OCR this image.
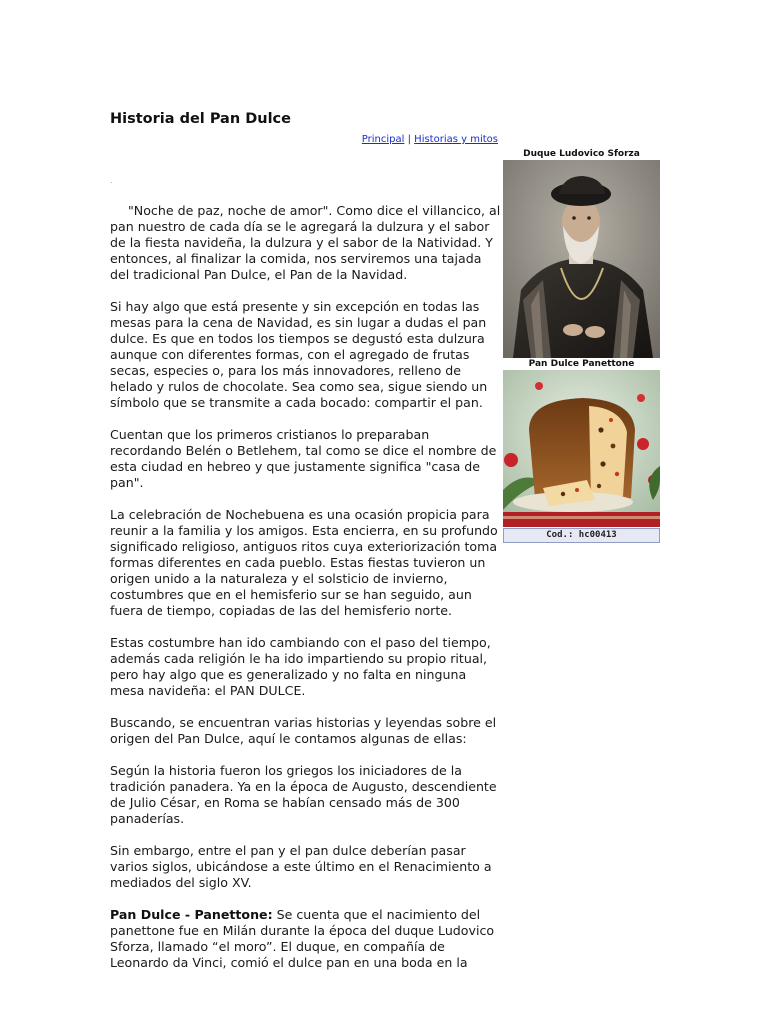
Historia del Pan Dulce
Principal | Historias y mitos
.

"Noche de paz, noche de amor". Como dice el villancico, al pan nuestro de cada día se le agregará la dulzura y el sabor de la fiesta navideña, la dulzura y el sabor de la Natividad. Y entonces, al finalizar la comida, nos serviremos una tajada del tradicional Pan Dulce, el Pan de la Navidad.

Si hay algo que está presente y sin excepción en todas las mesas para la cena de Navidad, es sin lugar a dudas el pan dulce. Es que en todos los tiempos se degustó esta dulzura aunque con diferentes formas, con el agregado de frutas secas, especies o, para los más innovadores, relleno de helado y rulos de chocolate. Sea como sea, sigue siendo un símbolo que se transmite a cada bocado: compartir el pan.

Cuentan que los primeros cristianos lo preparaban recordando Belén o Betlehem, tal como se dice el nombre de esta ciudad en hebreo y que justamente significa "casa de pan".

La celebración de Nochebuena es una ocasión propicia para reunir a la familia y los amigos. Esta encierra, en su profundo significado religioso, antiguos ritos cuya exteriorización toma formas diferentes en cada pueblo. Estas fiestas tuvieron un origen unido a la naturaleza y el solsticio de invierno, costumbres que en el hemisferio sur se han seguido, aun fuera de tiempo, copiadas de las del hemisferio norte.

Estas costumbre han ido cambiando con el paso del tiempo, además cada religión le ha ido impartiendo su propio ritual, pero hay algo que es generalizado y no falta en ninguna mesa navideña: el PAN DULCE.

Buscando, se encuentran varias historias y leyendas sobre el origen del Pan Dulce, aquí le contamos algunas de ellas:

Según la historia fueron los griegos los iniciadores de la tradición panadera. Ya en la época de Augusto, descendiente de Julio César, en Roma se habían censado más de 300 panaderías.

Sin embargo, entre el pan y el pan dulce deberían pasar varios siglos, ubicándose a este último en el Renacimiento a mediados del siglo XV.

Pan Dulce - Panettone: Se cuenta que el nacimiento del panettone fue en Milán durante la época del duque Ludovico Sforza, llamado “el moro”. El duque, en compañía de Leonardo da Vinci, comió el dulce pan en una boda en la

Duque Ludovico Sforza
Pan Dulce Panettone
Cod.: hc00413
